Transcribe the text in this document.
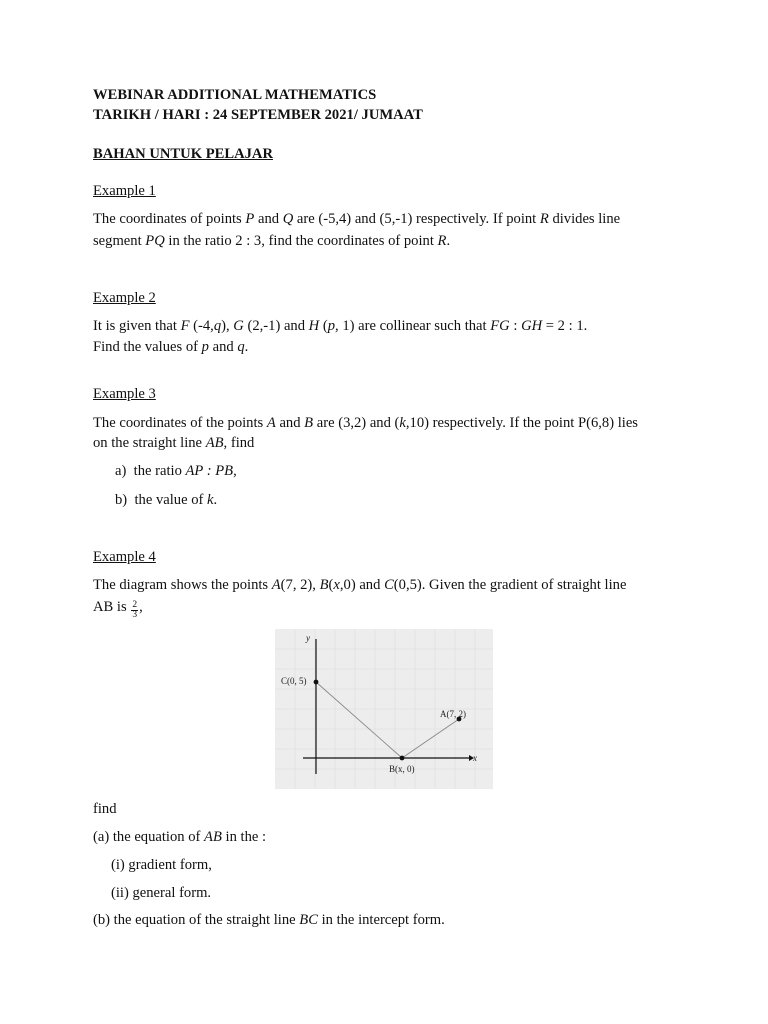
WEBINAR ADDITIONAL MATHEMATICS
TARIKH / HARI : 24 SEPTEMBER 2021/ JUMAAT
BAHAN UNTUK PELAJAR
Example 1
The coordinates of points P and Q are (-5,4) and (5,-1) respectively. If point R divides line
segment PQ in the ratio 2 : 3, find the coordinates of point R.
Example 2
It is given that F (-4,q), G (2,-1) and H (p, 1) are collinear such that FG : GH = 2 : 1.
Find the values of p and q.
Example 3
The coordinates of the points A and B are (3,2) and (k,10) respectively. If the point P(6,8) lies
on the straight line AB, find
a) the ratio AP : PB,
b) the value of k.
Example 4
The diagram shows the points A(7, 2), B(x,0) and C(0,5). Given the gradient of straight line
AB is $\frac{2}{3}$ ,
y
x
C(0, 5)
A(7, 2)
B(x, 0)
find
(a) the equation of AB in the :
(i) gradient form,
(ii) general form.
(b) the equation of the straight line BC in the intercept form.
